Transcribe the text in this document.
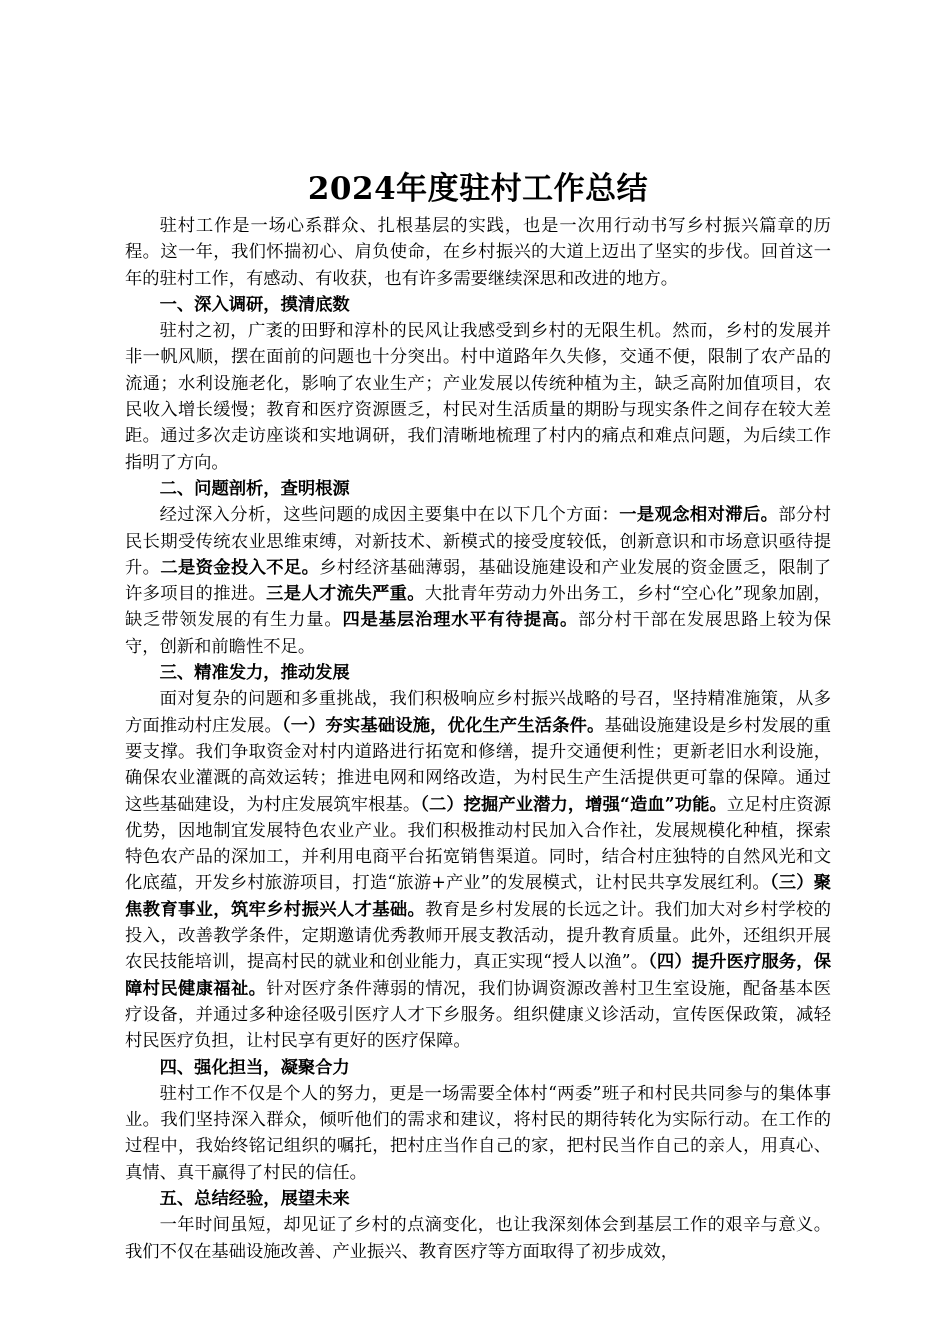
2024年度驻村工作总结

驻村工作是一场心系群众、扎根基层的实践，也是一次用行动书写乡村振兴篇章的历程。这一年，我们怀揣初心、肩负使命，在乡村振兴的大道上迈出了坚实的步伐。回首这一年的驻村工作，有感动、有收获，也有许多需要继续深思和改进的地方。

一、深入调研，摸清底数

驻村之初，广袤的田野和淳朴的民风让我感受到乡村的无限生机。然而，乡村的发展并非一帆风顺，摆在面前的问题也十分突出。村中道路年久失修，交通不便，限制了农产品的流通；水利设施老化，影响了农业生产；产业发展以传统种植为主，缺乏高附加值项目，农民收入增长缓慢；教育和医疗资源匮乏，村民对生活质量的期盼与现实条件之间存在较大差距。通过多次走访座谈和实地调研，我们清晰地梳理了村内的痛点和难点问题，为后续工作指明了方向。

二、问题剖析，查明根源

经过深入分析，这些问题的成因主要集中在以下几个方面：一是观念相对滞后。部分村民长期受传统农业思维束缚，对新技术、新模式的接受度较低，创新意识和市场意识亟待提升。二是资金投入不足。乡村经济基础薄弱，基础设施建设和产业发展的资金匮乏，限制了许多项目的推进。三是人才流失严重。大批青年劳动力外出务工，乡村“空心化”现象加剧，缺乏带领发展的有生力量。四是基层治理水平有待提高。部分村干部在发展思路上较为保守，创新和前瞻性不足。

三、精准发力，推动发展

面对复杂的问题和多重挑战，我们积极响应乡村振兴战略的号召，坚持精准施策，从多方面推动村庄发展。（一）夯实基础设施，优化生产生活条件。基础设施建设是乡村发展的重要支撑。我们争取资金对村内道路进行拓宽和修缮，提升交通便利性；更新老旧水利设施，确保农业灌溉的高效运转；推进电网和网络改造，为村民生产生活提供更可靠的保障。通过这些基础建设，为村庄发展筑牢根基。（二）挖掘产业潜力，增强“造血”功能。立足村庄资源优势，因地制宜发展特色农业产业。我们积极推动村民加入合作社，发展规模化种植，探索特色农产品的深加工，并利用电商平台拓宽销售渠道。同时，结合村庄独特的自然风光和文化底蕴，开发乡村旅游项目，打造“旅游+产业”的发展模式，让村民共享发展红利。（三）聚焦教育事业，筑牢乡村振兴人才基础。教育是乡村发展的长远之计。我们加大对乡村学校的投入，改善教学条件，定期邀请优秀教师开展支教活动，提升教育质量。此外，还组织开展农民技能培训，提高村民的就业和创业能力，真正实现“授人以渔”。（四）提升医疗服务，保障村民健康福祉。针对医疗条件薄弱的情况，我们协调资源改善村卫生室设施，配备基本医疗设备，并通过多种途径吸引医疗人才下乡服务。组织健康义诊活动，宣传医保政策，减轻村民医疗负担，让村民享有更好的医疗保障。

四、强化担当，凝聚合力

驻村工作不仅是个人的努力，更是一场需要全体村“两委”班子和村民共同参与的集体事业。我们坚持深入群众，倾听他们的需求和建议，将村民的期待转化为实际行动。在工作的过程中，我始终铭记组织的嘱托，把村庄当作自己的家，把村民当作自己的亲人，用真心、真情、真干赢得了村民的信任。

五、总结经验，展望未来

一年时间虽短，却见证了乡村的点滴变化，也让我深刻体会到基层工作的艰辛与意义。我们不仅在基础设施改善、产业振兴、教育医疗等方面取得了初步成效，
